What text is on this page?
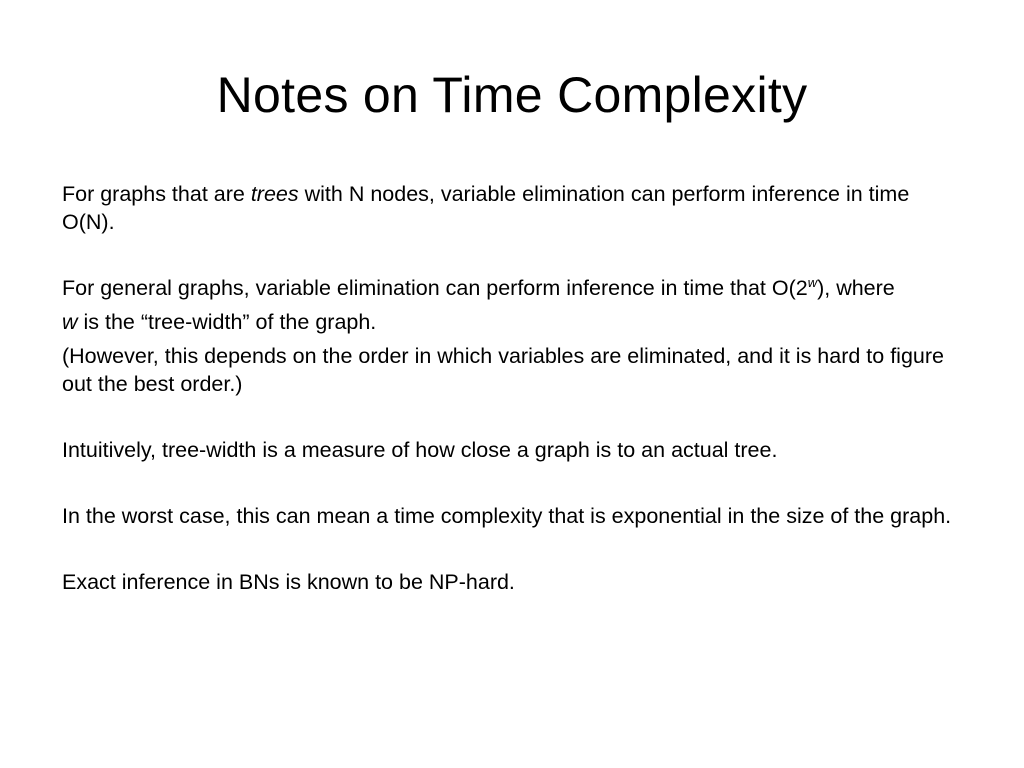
Notes on Time Complexity

For graphs that are trees with N nodes, variable elimination can perform inference in time O(N).

For general graphs, variable elimination can perform inference in time that O(2$^w$), where

w is the “tree-width” of the graph.

(However, this depends on the order in which variables are eliminated, and it is hard to figure out the best order.)

Intuitively, tree-width is a measure of how close a graph is to an actual tree.

In the worst case, this can mean a time complexity that is exponential in the size of the graph.

Exact inference in BNs is known to be NP-hard.
